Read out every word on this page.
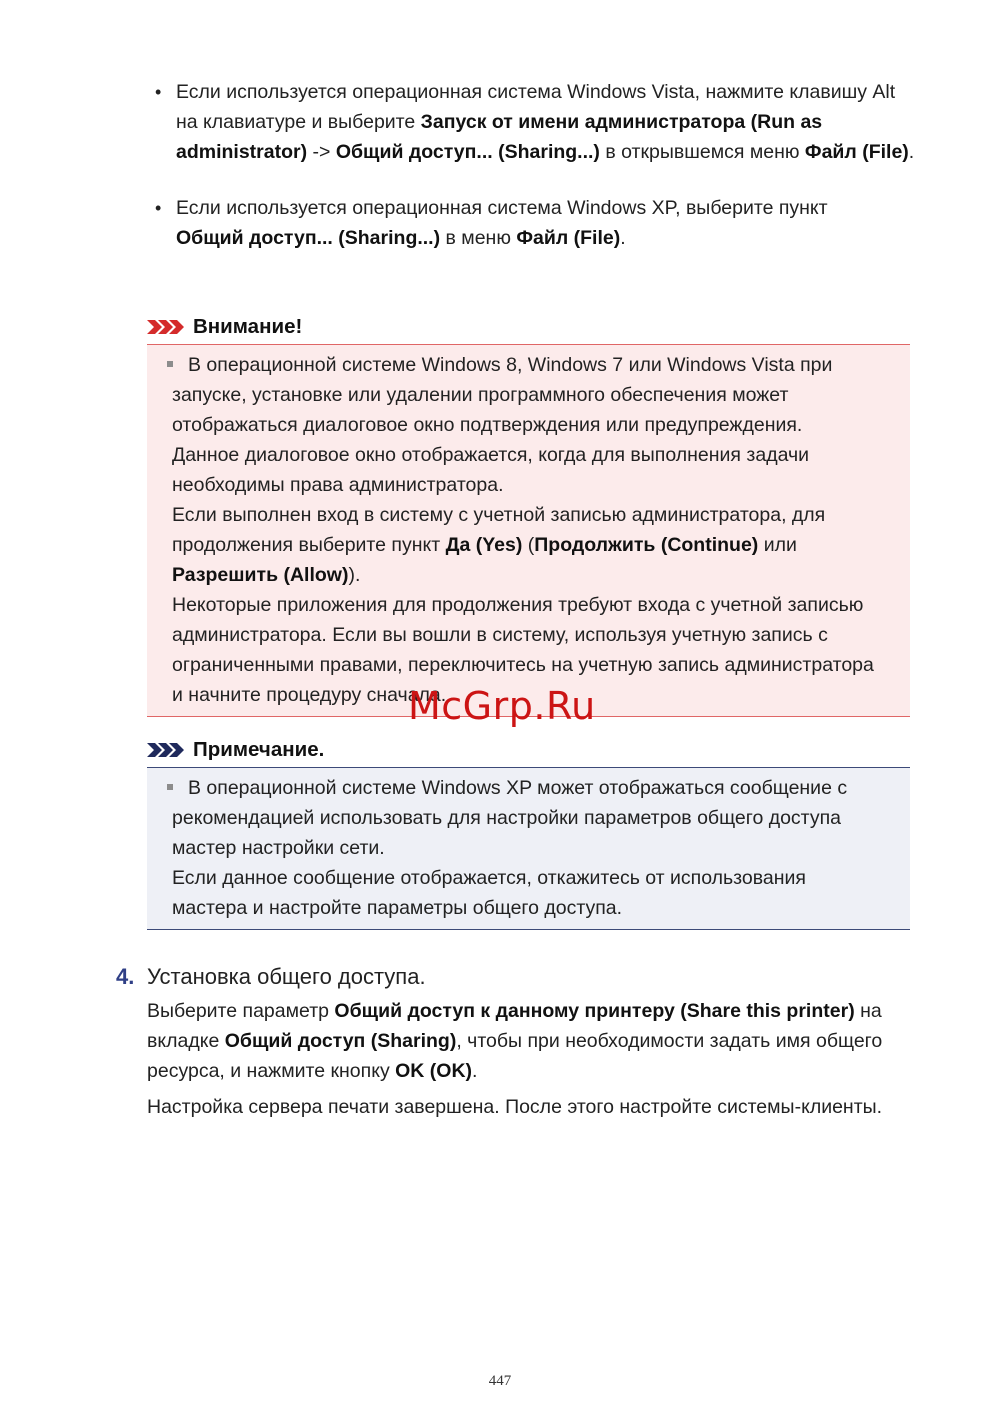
• Если используется операционная система Windows Vista, нажмите клавишу Alt на клавиатуре и выберите Запуск от имени администратора (Run as administrator) -> Общий доступ... (Sharing...) в открывшемся меню Файл (File).
• Если используется операционная система Windows XP, выберите пункт Общий доступ... (Sharing...) в меню Файл (File).
Внимание!
В операционной системе Windows 8, Windows 7 или Windows Vista при
запуске, установке или удалении программного обеспечения может
отображаться диалоговое окно подтверждения или предупреждения.
Данное диалоговое окно отображается, когда для выполнения задачи
необходимы права администратора.
Если выполнен вход в систему с учетной записью администратора, для
продолжения выберите пункт Да (Yes) (Продолжить (Continue) или
Разрешить (Allow)).
Некоторые приложения для продолжения требуют входа с учетной записью
администратора. Если вы вошли в систему, используя учетную запись с
ограниченными правами, переключитесь на учетную запись администратора
и начните процедуру сначала.
Примечание.
В операционной системе Windows XP может отображаться сообщение с
рекомендацией использовать для настройки параметров общего доступа
мастер настройки сети.
Если данное сообщение отображается, откажитесь от использования
мастера и настройте параметры общего доступа.
4. Установка общего доступа.

Выберите параметр Общий доступ к данному принтеру (Share this printer) на вкладке Общий доступ (Sharing), чтобы при необходимости задать имя общего ресурса, и нажмите кнопку OK (OK).

Настройка сервера печати завершена. После этого настройте системы-клиенты.

McGrp.Ru
447
